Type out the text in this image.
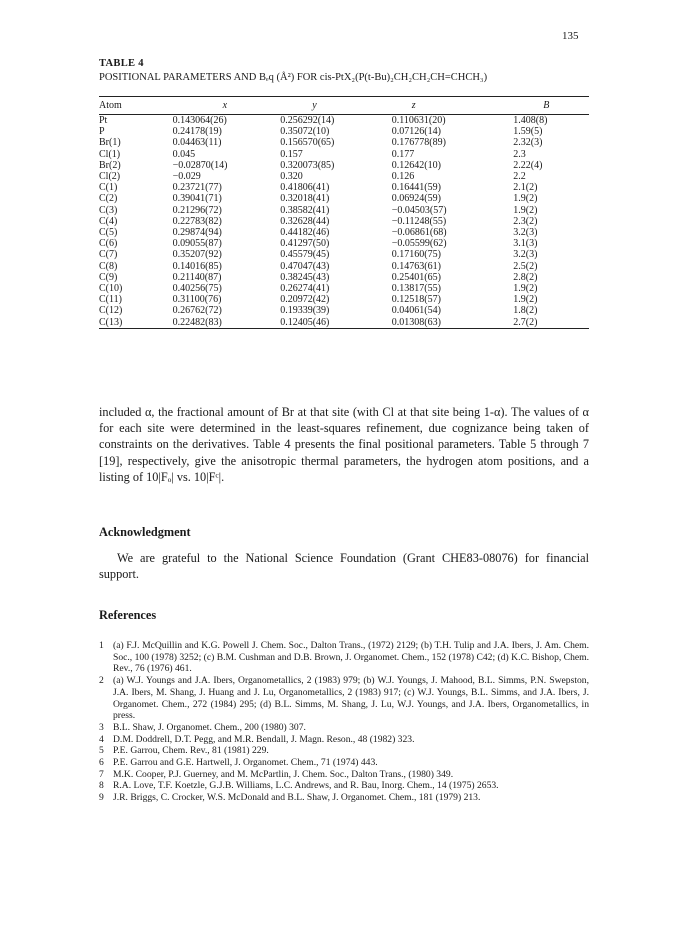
135
TABLE 4
POSITIONAL PARAMETERS AND Bₑq (Å²) FOR cis-PtX₂(P(t-Bu)₂CH₂CH₂CH=CHCH₃)
Atom	x	y	z	B
Pt	0.143064(26)	0.256292(14)	0.110631(20)	1.408(8)
P	0.24178(19)	0.35072(10)	0.07126(14)	1.59(5)
Br(1)	0.04463(11)	0.156570(65)	0.176778(89)	2.32(3)
Cl(1)	0.045	0.157	0.177	2.3
Br(2)	−0.02870(14)	0.320073(85)	0.12642(10)	2.22(4)
Cl(2)	−0.029	0.320	0.126	2.2
C(1)	0.23721(77)	0.41806(41)	0.16441(59)	2.1(2)
C(2)	0.39041(71)	0.32018(41)	0.06924(59)	1.9(2)
C(3)	0.21296(72)	0.38582(41)	−0.04503(57)	1.9(2)
C(4)	0.22783(82)	0.32628(44)	−0.11248(55)	2.3(2)
C(5)	0.29874(94)	0.44182(46)	−0.06861(68)	3.2(3)
C(6)	0.09055(87)	0.41297(50)	−0.05599(62)	3.1(3)
C(7)	0.35207(92)	0.45579(45)	0.17160(75)	3.2(3)
C(8)	0.14016(85)	0.47047(43)	0.14763(61)	2.5(2)
C(9)	0.21140(87)	0.38245(43)	0.25401(65)	2.8(2)
C(10)	0.40256(75)	0.26274(41)	0.13817(55)	1.9(2)
C(11)	0.31100(76)	0.20972(42)	0.12518(57)	1.9(2)
C(12)	0.26762(72)	0.19339(39)	0.04061(54)	1.8(2)
C(13)	0.22482(83)	0.12405(46)	0.01308(63)	2.7(2)

included α, the fractional amount of Br at that site (with Cl at that site being 1-α). The values of α for each site were determined in the least-squares refinement, due cognizance being taken of constraints on the derivatives. Table 4 presents the final positional parameters. Table 5 through 7 [19], respectively, give the anisotropic thermal parameters, the hydrogen atom positions, and a listing of 10|Fₒ| vs. 10|Fᶜ|.

Acknowledgment

We are grateful to the National Science Foundation (Grant CHE83-08076) for financial support.

References
1 (a) F.J. McQuillin and K.G. Powell J. Chem. Soc., Dalton Trans., (1972) 2129; (b) T.H. Tulip and J.A. Ibers, J. Am. Chem. Soc., 100 (1978) 3252; (c) B.M. Cushman and D.B. Brown, J. Organomet. Chem., 152 (1978) C42; (d) K.C. Bishop, Chem. Rev., 76 (1976) 461.
2 (a) W.J. Youngs and J.A. Ibers, Organometallics, 2 (1983) 979; (b) W.J. Youngs, J. Mahood, B.L. Simms, P.N. Swepston, J.A. Ibers, M. Shang, J. Huang and J. Lu, Organometallics, 2 (1983) 917; (c) W.J. Youngs, B.L. Simms, and J.A. Ibers, J. Organomet. Chem., 272 (1984) 295; (d) B.L. Simms, M. Shang, J. Lu, W.J. Youngs, and J.A. Ibers, Organometallics, in press.
3 B.L. Shaw, J. Organomet. Chem., 200 (1980) 307.
4 D.M. Doddrell, D.T. Pegg, and M.R. Bendall, J. Magn. Reson., 48 (1982) 323.
5 P.E. Garrou, Chem. Rev., 81 (1981) 229.
6 P.E. Garrou and G.E. Hartwell, J. Organomet. Chem., 71 (1974) 443.
7 M.K. Cooper, P.J. Guerney, and M. McPartlin, J. Chem. Soc., Dalton Trans., (1980) 349.
8 R.A. Love, T.F. Koetzle, G.J.B. Williams, L.C. Andrews, and R. Bau, Inorg. Chem., 14 (1975) 2653.
9 J.R. Briggs, C. Crocker, W.S. McDonald and B.L. Shaw, J. Organomet. Chem., 181 (1979) 213.
